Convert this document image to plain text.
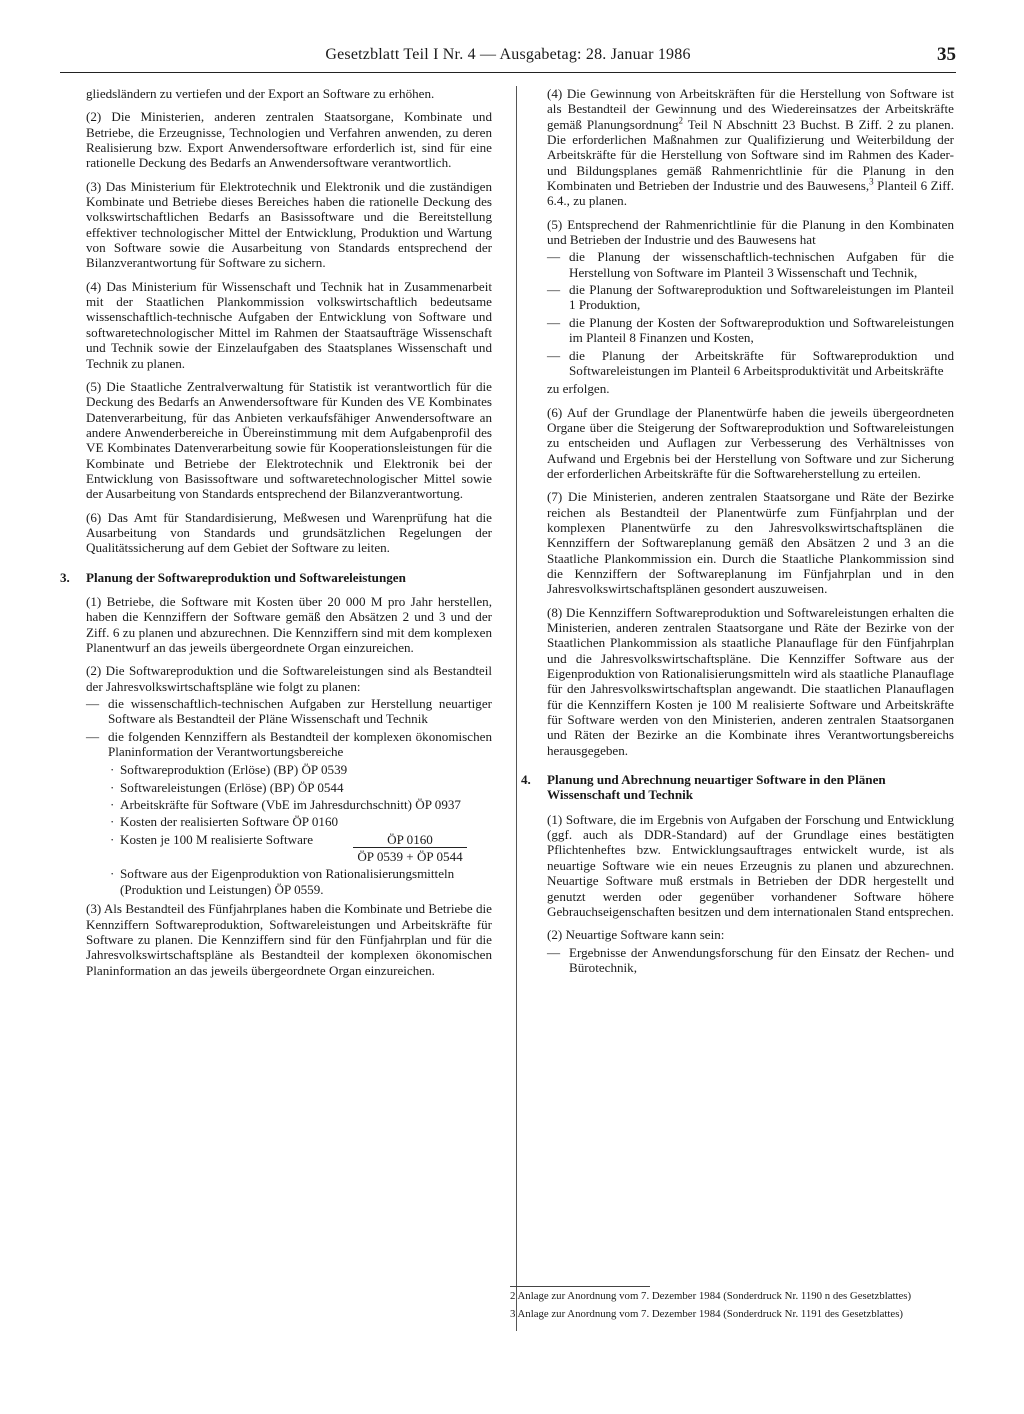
Gesetzblatt Teil I Nr. 4 — Ausgabetag: 28. Januar 1986	35

gliedsländern zu vertiefen und der Export an Software zu erhöhen.

(2) Die Ministerien, anderen zentralen Staatsorgane, Kombinate und Betriebe, die Erzeugnisse, Technologien und Verfahren anwenden, zu deren Realisierung bzw. Export Anwendersoftware erforderlich ist, sind für eine rationelle Deckung des Bedarfs an Anwendersoftware verantwortlich.

(3) Das Ministerium für Elektrotechnik und Elektronik und die zuständigen Kombinate und Betriebe dieses Bereiches haben die rationelle Deckung des volkswirtschaftlichen Bedarfs an Basissoftware und die Bereitstellung effektiver technologischer Mittel der Entwicklung, Produktion und Wartung von Software sowie die Ausarbeitung von Standards entsprechend der Bilanzverantwortung für Software zu sichern.

(4) Das Ministerium für Wissenschaft und Technik hat in Zusammenarbeit mit der Staatlichen Plankommission volkswirtschaftlich bedeutsame wissenschaftlich-technische Aufgaben der Entwicklung von Software und softwaretechnologischer Mittel im Rahmen der Staatsaufträge Wissenschaft und Technik sowie der Einzelaufgaben des Staatsplanes Wissenschaft und Technik zu planen.

(5) Die Staatliche Zentralverwaltung für Statistik ist verantwortlich für die Deckung des Bedarfs an Anwendersoftware für Kunden des VE Kombinates Datenverarbeitung, für das Anbieten verkaufsfähiger Anwendersoftware an andere Anwenderbereiche in Übereinstimmung mit dem Aufgabenprofil des VE Kombinates Datenverarbeitung sowie für Kooperationsleistungen für die Kombinate und Betriebe der Elektrotechnik und Elektronik bei der Entwicklung von Basissoftware und softwaretechnologischer Mittel sowie der Ausarbeitung von Standards entsprechend der Bilanzverantwortung.

(6) Das Amt für Standardisierung, Meßwesen und Warenprüfung hat die Ausarbeitung von Standards und grundsätzlichen Regelungen der Qualitätssicherung auf dem Gebiet der Software zu leiten.

3. Planung der Softwareproduktion und Softwareleistungen

(1) Betriebe, die Software mit Kosten über 20 000 M pro Jahr herstellen, haben die Kennziffern der Software gemäß den Absätzen 2 und 3 und der Ziff. 6 zu planen und abzurechnen. Die Kennziffern sind mit dem komplexen Planentwurf an das jeweils übergeordnete Organ einzureichen.

(2) Die Softwareproduktion und die Softwareleistungen sind als Bestandteil der Jahresvolkswirtschaftspläne wie folgt zu planen:

— die wissenschaftlich-technischen Aufgaben zur Herstellung neuartiger Software als Bestandteil der Pläne Wissenschaft und Technik
— die folgenden Kennziffern als Bestandteil der komplexen ökonomischen Planinformation der Verantwortungsbereiche
· Softwareproduktion (Erlöse) (BP) ÖP 0539
· Softwareleistungen (Erlöse) (BP) ÖP 0544
· Arbeitskräfte für Software (VbE im Jahresdurchschnitt) ÖP 0937
· Kosten der realisierten Software ÖP 0160
· Kosten je 100 M realisierte Software	$\frac{ÖP 0160}{ÖP 0539 + ÖP 0544}$
· Software aus der Eigenproduktion von Rationalisierungsmitteln (Produktion und Leistungen) ÖP 0559.

(3) Als Bestandteil des Fünfjahrplanes haben die Kombinate und Betriebe die Kennziffern Softwareproduktion, Softwareleistungen und Arbeitskräfte für Software zu planen. Die Kennziffern sind für den Fünfjahrplan und für die Jahresvolkswirtschaftspläne als Bestandteil der komplexen ökonomischen Planinformation an das jeweils übergeordnete Organ einzureichen.

(4) Die Gewinnung von Arbeitskräften für die Herstellung von Software ist als Bestandteil der Gewinnung und des Wiedereinsatzes der Arbeitskräfte gemäß Planungsordnung$^2$ Teil N Abschnitt 23 Buchst. B Ziff. 2 zu planen. Die erforderlichen Maßnahmen zur Qualifizierung und Weiterbildung der Arbeitskräfte für die Herstellung von Software sind im Rahmen des Kader- und Bildungsplanes gemäß Rahmenrichtlinie für die Planung in den Kombinaten und Betrieben der Industrie und des Bauwesens,$^3$ Planteil 6 Ziff. 6.4., zu planen.

(5) Entsprechend der Rahmenrichtlinie für die Planung in den Kombinaten und Betrieben der Industrie und des Bauwesens hat

— die Planung der wissenschaftlich-technischen Aufgaben für die Herstellung von Software im Planteil 3 Wissenschaft und Technik,
— die Planung der Softwareproduktion und Softwareleistungen im Planteil 1 Produktion,
— die Planung der Kosten der Softwareproduktion und Softwareleistungen im Planteil 8 Finanzen und Kosten,
— die Planung der Arbeitskräfte für Softwareproduktion und Softwareleistungen im Planteil 6 Arbeitsproduktivität und Arbeitskräfte

zu erfolgen.

(6) Auf der Grundlage der Planentwürfe haben die jeweils übergeordneten Organe über die Steigerung der Softwareproduktion und Softwareleistungen zu entscheiden und Auflagen zur Verbesserung des Verhältnisses von Aufwand und Ergebnis bei der Herstellung von Software und zur Sicherung der erforderlichen Arbeitskräfte für die Softwareherstellung zu erteilen.

(7) Die Ministerien, anderen zentralen Staatsorgane und Räte der Bezirke reichen als Bestandteil der Planentwürfe zum Fünfjahrplan und der komplexen Planentwürfe zu den Jahresvolkswirtschaftsplänen die Kennziffern der Softwareplanung gemäß den Absätzen 2 und 3 an die Staatliche Plankommission ein. Durch die Staatliche Plankommission sind die Kennziffern der Softwareplanung im Fünfjahrplan und in den Jahresvolkswirtschaftsplänen gesondert auszuweisen.

(8) Die Kennziffern Softwareproduktion und Softwareleistungen erhalten die Ministerien, anderen zentralen Staatsorgane und Räte der Bezirke von der Staatlichen Plankommission als staatliche Planauflage für den Fünfjahrplan und die Jahresvolkswirtschaftspläne. Die Kennziffer Software aus der Eigenproduktion von Rationalisierungsmitteln wird als staatliche Planauflage für den Jahresvolkswirtschaftsplan angewandt. Die staatlichen Planauflagen für die Kennziffern Kosten je 100 M realisierte Software und Arbeitskräfte für Software werden von den Ministerien, anderen zentralen Staatsorganen und Räten der Bezirke an die Kombinate ihres Verantwortungsbereichs herausgegeben.

4. Planung und Abrechnung neuartiger Software in den Plänen Wissenschaft und Technik

(1) Software, die im Ergebnis von Aufgaben der Forschung und Entwicklung (ggf. auch als DDR-Standard) auf der Grundlage eines bestätigten Pflichtenheftes bzw. Entwicklungsauftrages entwickelt wurde, ist als neuartige Software wie ein neues Erzeugnis zu planen und abzurechnen. Neuartige Software muß erstmals in Betrieben der DDR hergestellt und genutzt werden oder gegenüber vorhandener Software höhere Gebrauchseigenschaften besitzen und dem internationalen Stand entsprechen.

(2) Neuartige Software kann sein:

— Ergebnisse der Anwendungsforschung für den Einsatz der Rechen- und Bürotechnik,
2 Anlage zur Anordnung vom 7. Dezember 1984 (Sonderdruck Nr. 1190 n des Gesetzblattes)
3 Anlage zur Anordnung vom 7. Dezember 1984 (Sonderdruck Nr. 1191 des Gesetzblattes)
